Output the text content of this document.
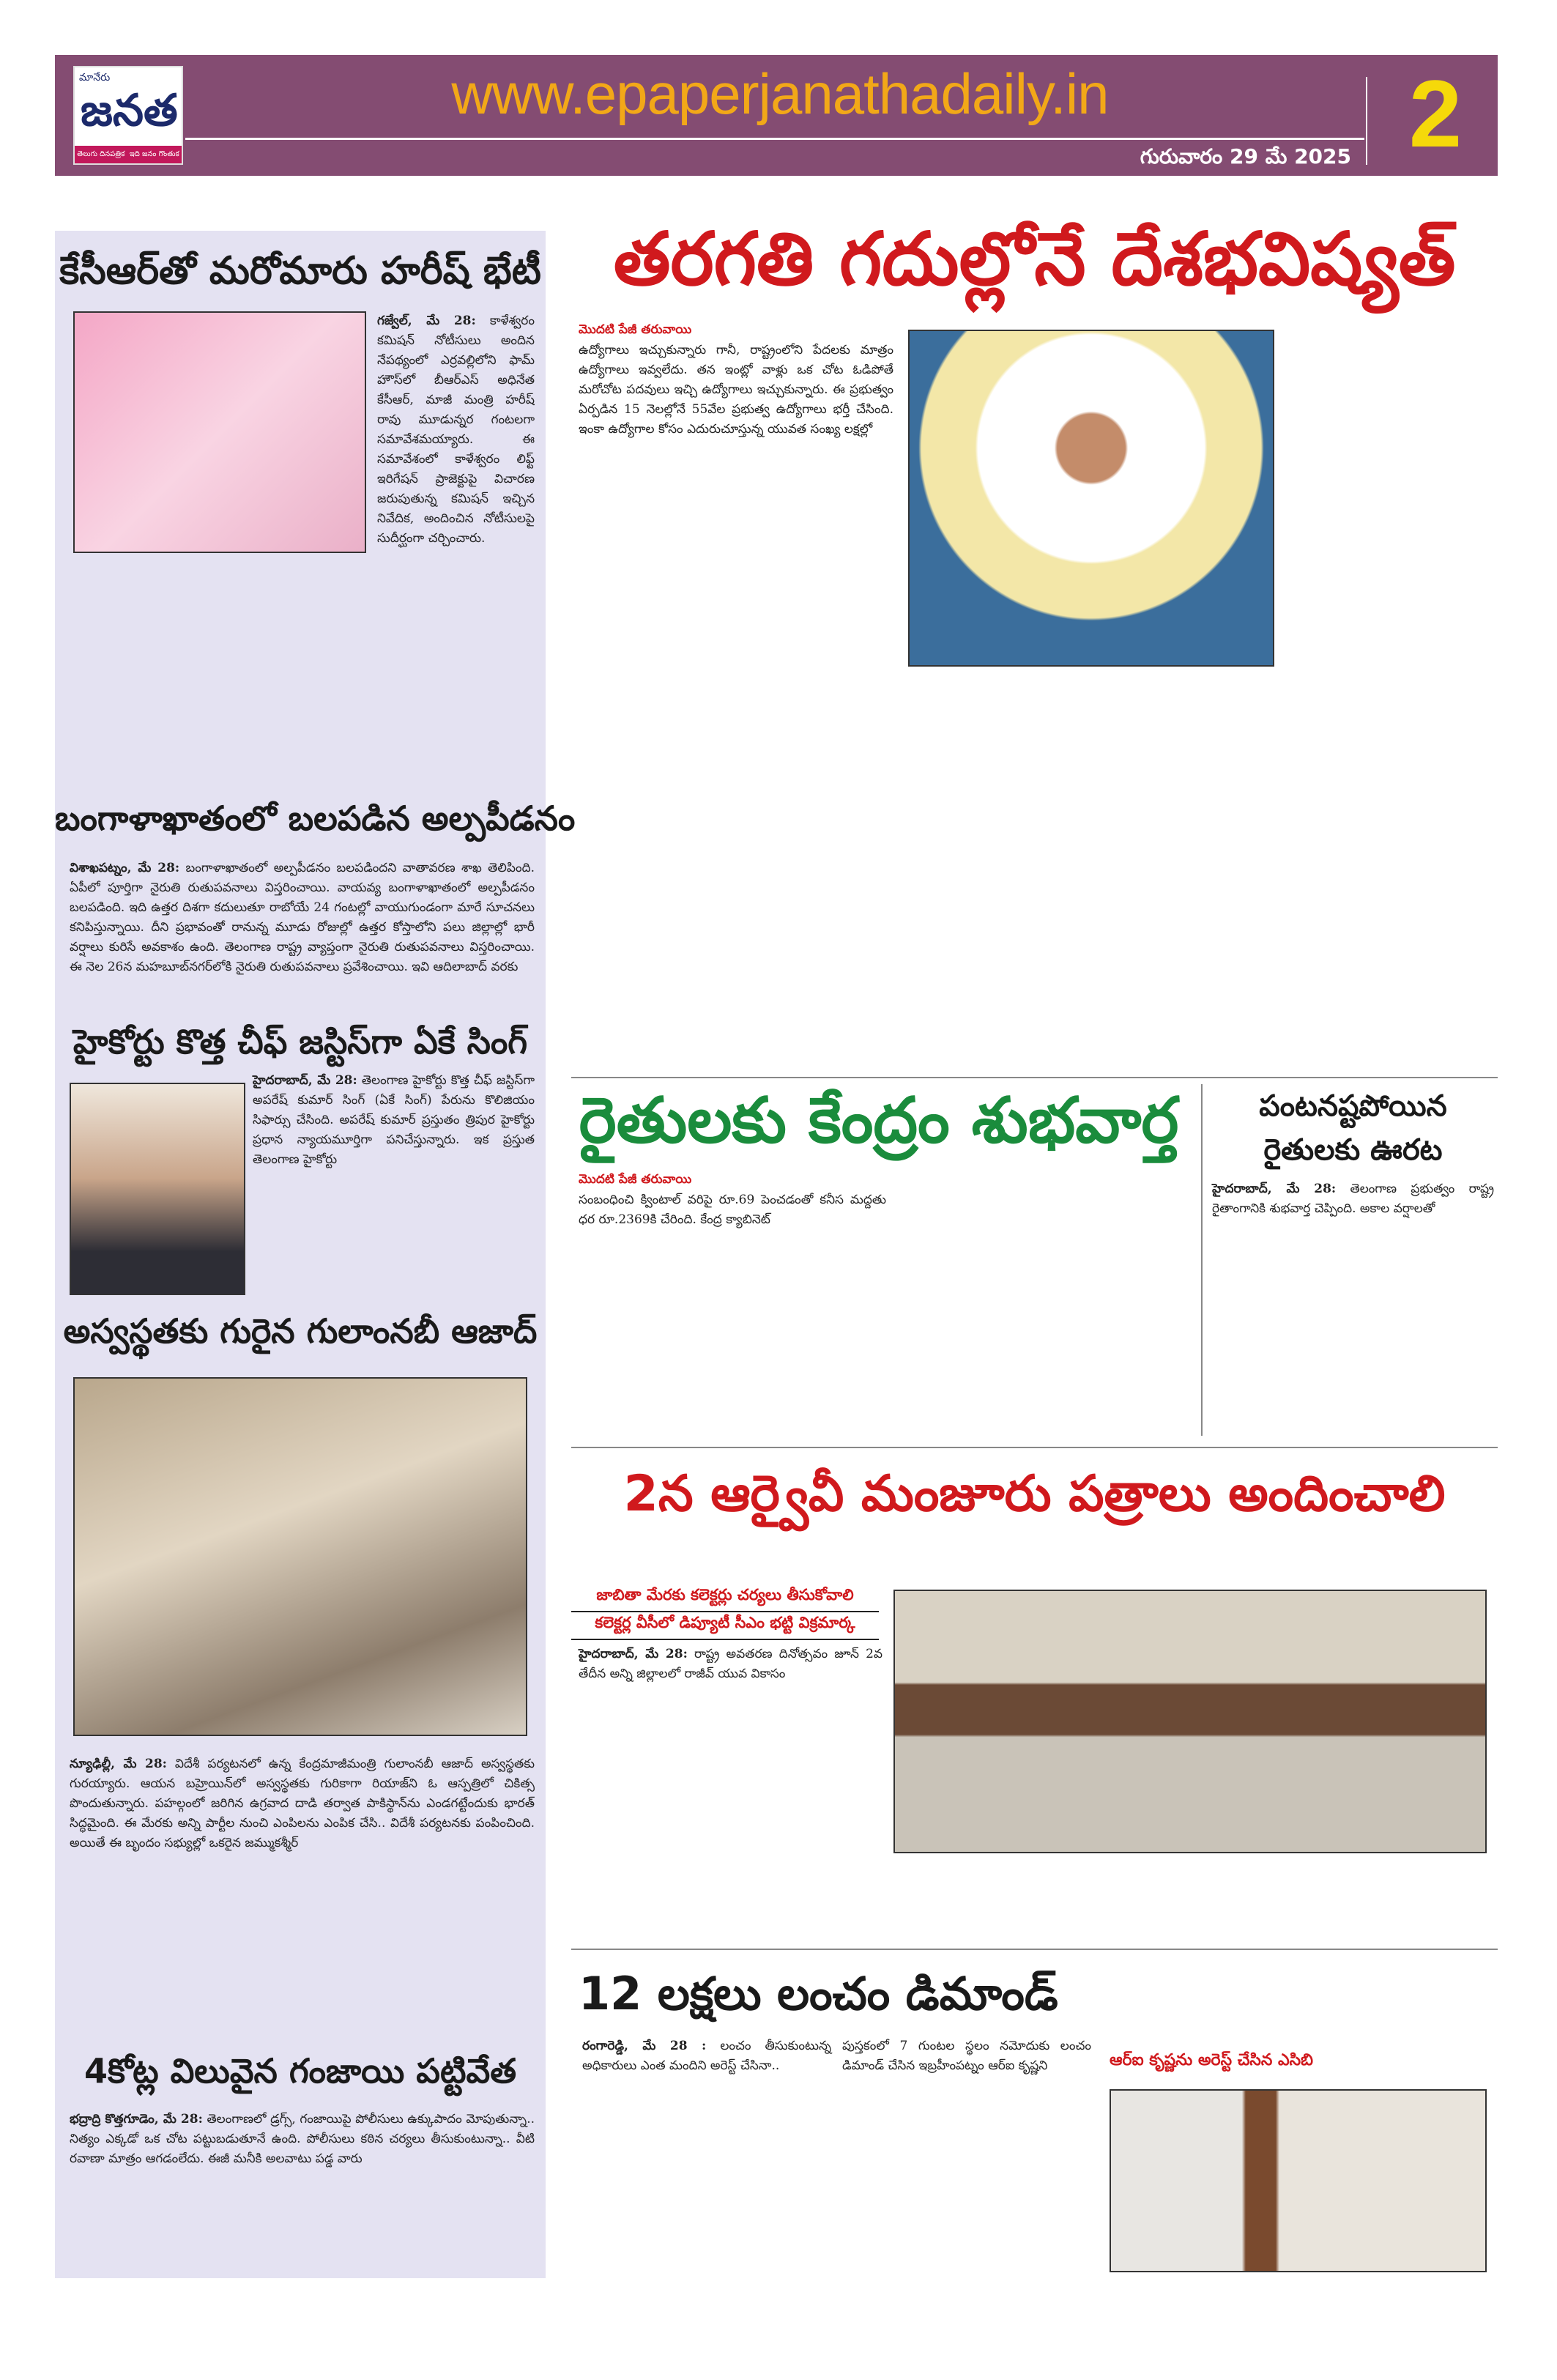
మానేరు
జనత
తెలుగు దినపత్రిక ఇది జనం గొంతుక
www.epaperjanathadaily.in
గురువారం 29 మే 2025 2
కేసీఆర్‌తో మరోమారు హరీష్ భేటీ
గజ్వేల్, మే 28: కాళేశ్వరం కమిషన్ నోటీసులు అందిన నేపథ్యంలో ఎర్రవల్లిలోని ఫామ్ హౌస్‌లో బీఆర్ఎస్ అధినేత కేసీఆర్, మాజీ మంత్రి హరీష్ రావు మూడున్నర గంటలగా సమావేశమయ్యారు. ఈ సమావేశంలో కాళేశ్వరం లిఫ్ట్ ఇరిగేషన్ ప్రాజెక్టుపై విచారణ జరుపుతున్న కమిషన్ ఇచ్చిన నివేదిక, అందించిన నోటీసులపై సుదీర్ఘంగా చర్చించారు.
బంగాళాఖాతంలో బలపడిన అల్పపీడనం
విశాఖపట్నం, మే 28: బంగాళాఖాతంలో అల్పపీడనం బలపడిందని వాతావరణ శాఖ తెలిపింది. ఏపీలో పూర్తిగా నైరుతి రుతుపవనాలు విస్తరించాయి. వాయవ్య బంగాళాఖాతంలో అల్పపీడనం బలపడింది. ఇది ఉత్తర దిశగా కదులుతూ రాబోయే 24 గంటల్లో వాయుగుండంగా మారే సూచనలు కనిపిస్తున్నాయి. దీని ప్రభావంతో రానున్న మూడు రోజుల్లో ఉత్తర కోస్తాలోని పలు జిల్లాల్లో భారీ వర్షాలు కురిసే అవకాశం ఉంది. తెలంగాణ రాష్ట్ర వ్యాప్తంగా నైరుతి రుతుపవనాలు విస్తరించాయి. ఈ నెల 26న మహబూబ్‌నగర్‌లోకి నైరుతి రుతుపవనాలు ప్రవేశించాయి. ఇవి ఆదిలాబాద్ వరకు
హైకోర్టు కొత్త చీఫ్ జస్టిస్‌గా ఏకే సింగ్
హైదరాబాద్, మే 28: తెలంగాణ హైకోర్టు కొత్త చీఫ్ జస్టిస్‌గా అపరేష్ కుమార్ సింగ్ (ఏకే సింగ్) పేరును కొలిజియం సిఫార్సు చేసింది. అపరేష్ కుమార్ ప్రస్తుతం త్రిపుర హైకోర్టు ప్రధాన న్యాయమూర్తిగా పనిచేస్తున్నారు. ఇక ప్రస్తుత తెలంగాణ హైకోర్టు
అస్వస్థతకు గురైన గులాంనబీ ఆజాద్
న్యూఢిల్లీ, మే 28: విదేశీ పర్యటనలో ఉన్న కేంద్రమాజీమంత్రి గులాంనబీ ఆజాద్ అస్వస్థతకు గురయ్యారు. ఆయన బహ్రెయిన్‌లో అస్వస్థతకు గురికాగా రియాజ్‌ని ఓ ఆస్పత్రిలో చికిత్స పొందుతున్నారు. పహల్గంలో జరిగిన ఉగ్రవాద దాడి తర్వాత పాకిస్థాన్‌ను ఎండగట్టేందుకు భారత్ సిద్ధమైంది. ఈ మేరకు అన్ని పార్టీల నుంచి ఎంపిలను ఎంపిక చేసి.. విదేశీ పర్యటనకు పంపించింది. అయితే ఈ బృందం సభ్యుల్లో ఒకరైన జమ్ముకశ్మీర్
4కోట్ల విలువైన గంజాయి పట్టివేత
భద్రాద్రి కొత్తగూడెం, మే 28: తెలంగాణలో డ్రగ్స్, గంజాయిపై పోలీసులు ఉక్కుపాదం మోపుతున్నా.. నిత్యం ఎక్కడో ఒక చోట పట్టుబడుతూనే ఉంది. పోలీసులు కఠిన చర్యలు తీసుకుంటున్నా.. వీటి రవాణా మాత్రం ఆగడంలేదు. ఈజీ మనీకి అలవాటు పడ్డ వారు
తరగతి గదుల్లోనే దేశభవిష్యత్
మొదటి పేజీ తరువాయి
ఉద్యోగాలు ఇచ్చుకున్నారు గానీ, రాష్ట్రంలోని పేదలకు మాత్రం ఉద్యోగాలు ఇవ్వలేదు. తన ఇంట్లో వాళ్లు ఒక చోట ఓడిపోతే మరోచోట పదవులు ఇచ్చి ఉద్యోగాలు ఇచ్చుకున్నారు. ఈ ప్రభుత్వం ఏర్పడిన 15 నెలల్లోనే 55వేల ప్రభుత్వ ఉద్యోగాలు భర్తీ చేసింది. ఇంకా ఉద్యోగాల కోసం ఎదురుచూస్తున్న యువత సంఖ్య లక్షల్లో
రైతులకు కేంద్రం శుభవార్త
మొదటి పేజీ తరువాయి
సంబంధించి క్వింటాల్ వరిపై రూ.69 పెంచడంతో కనీస మద్దతు ధర రూ.2369కి చేరింది. కేంద్ర క్యాబినెట్
పంటనష్టపోయిన
రైతులకు ఊరట
హైదరాబాద్, మే 28: తెలంగాణ ప్రభుత్వం రాష్ట్ర రైతాంగానికి శుభవార్త చెప్పింది. అకాల వర్షాలతో
2న ఆర్వైవీ మంజూరు పత్రాలు అందించాలి
జాబితా మేరకు కలెక్టర్లు చర్యలు తీసుకోవాలి
కలెక్టర్ల వీసీలో డిప్యూటీ సీఎం భట్టి విక్రమార్క
హైదరాబాద్, మే 28: రాష్ట్ర అవతరణ దినోత్సవం జూన్ 2వ తేదీన అన్ని జిల్లాలలో రాజీవ్ యువ వికాసం
12 లక్షలు లంచం డిమాండ్
రంగారెడ్డి, మే 28 : లంచం తీసుకుంటున్న అధికారులు ఎంత మందిని అరెస్ట్ చేసినా..
పుస్తకంలో 7 గుంటల స్థలం నమోదుకు లంచం డిమాండ్ చేసిన ఇబ్రహీంపట్నం ఆర్ఐ కృష్ణని	ఆర్ఐ కృష్ణను అరెస్ట్ చేసిన ఎసిబి
